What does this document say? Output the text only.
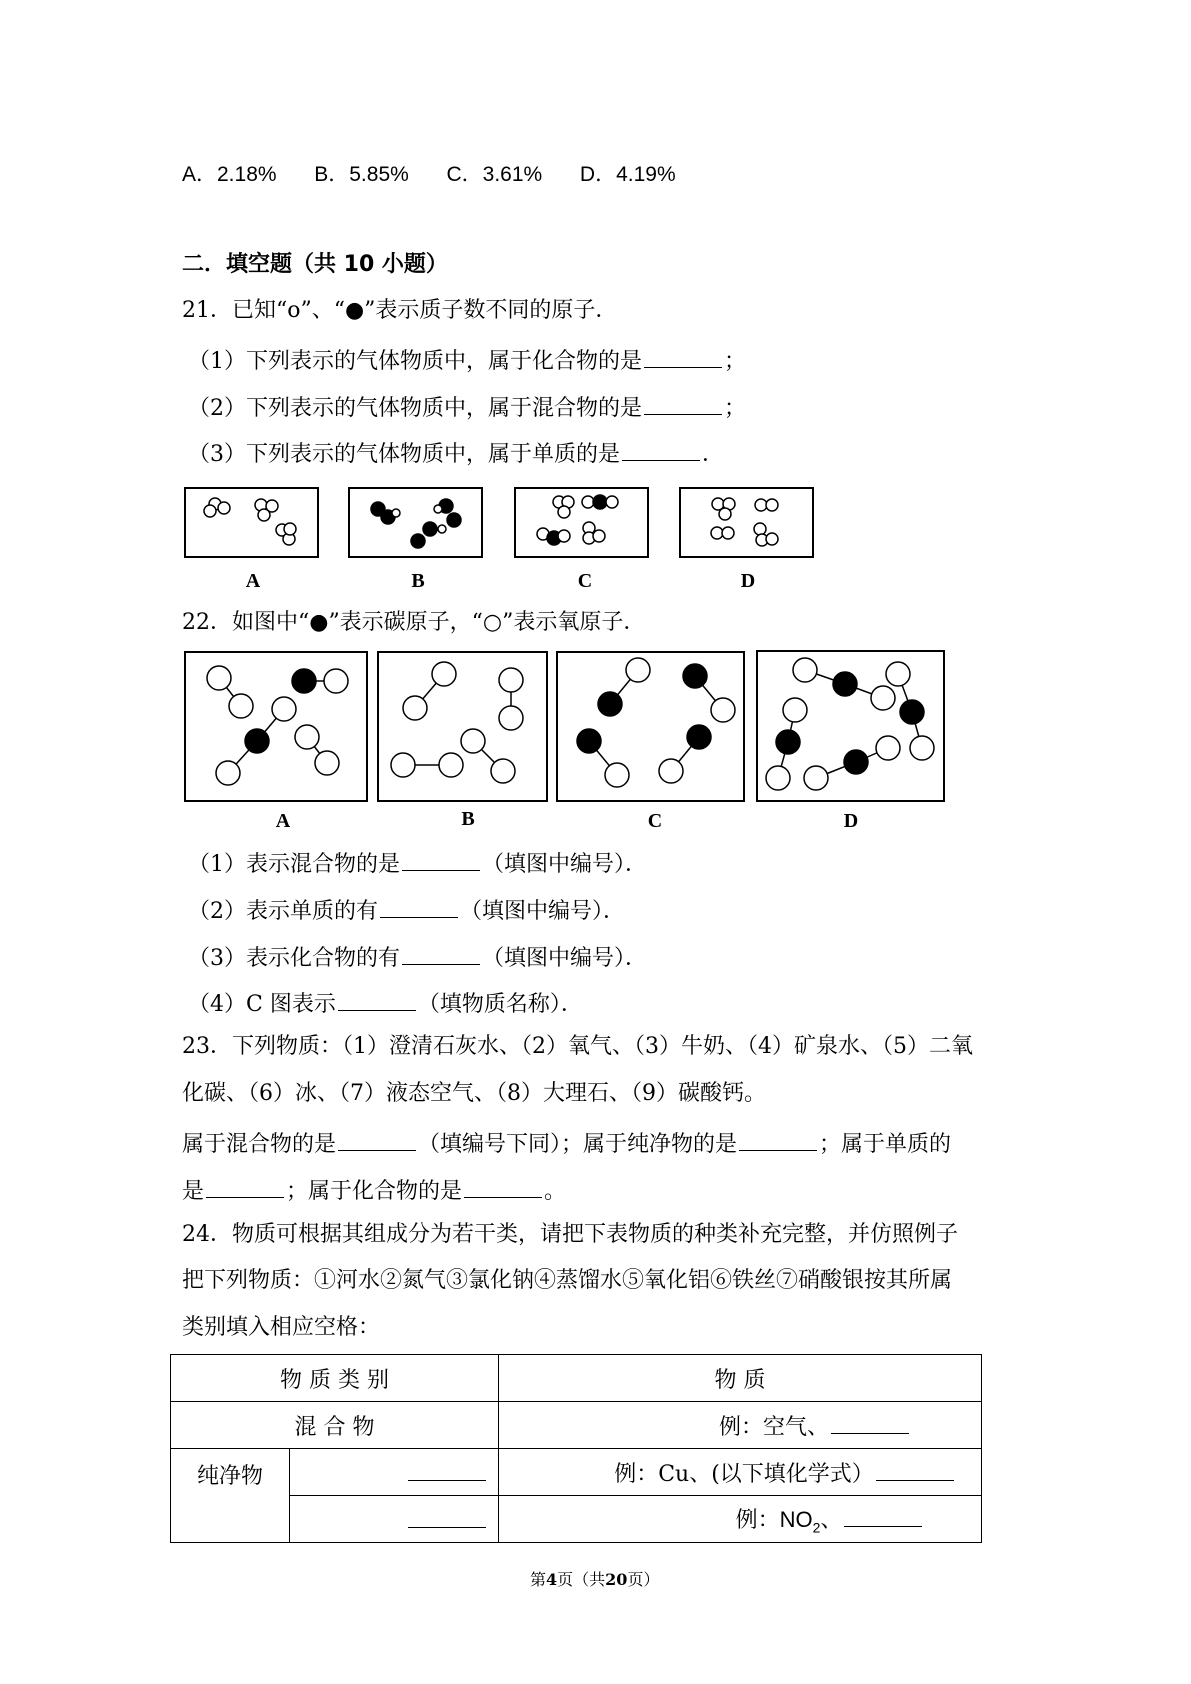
A．2.18% B．5.85% C．3.61% D．4.19%
二．填空题（共 10 小题）
21．已知“o”、“●”表示质子数不同的原子．
（1）下列表示的气体物质中，属于化合物的是	；
（2）下列表示的气体物质中，属于混合物的是	；
（3）下列表示的气体物质中，属于单质的是	．
A	B	C	D
22．如图中“●”表示碳原子，“○”表示氧原子．
A	B	C	D
（1）表示混合物的是	（填图中编号）．
（2）表示单质的有	（填图中编号）．
（3）表示化合物的有	（填图中编号）．
（4）C 图表示	（填物质名称）．
23．下列物质：（1）澄清石灰水、（2）氧气、（3）牛奶、（4）矿泉水、（5）二氧
化碳、（6）冰、（7）液态空气、（8）大理石、（9）碳酸钙。
属于混合物的是	（填编号下同）；属于纯净物的是	；属于单质的
是	；属于化合物的是	。
24．物质可根据其组成分为若干类，请把下表物质的种类补充完整，并仿照例子
把下列物质：①河水②氮气③氯化钠④蒸馏水⑤氧化铝⑥铁丝⑦硝酸银按其所属
类别填入相应空格：
物 质 类 别		物 质
混 合 物		例：空气、
纯净物		例：Cu、(以下填化学式）
		例：$NO_2$、
第4页（共20页）
